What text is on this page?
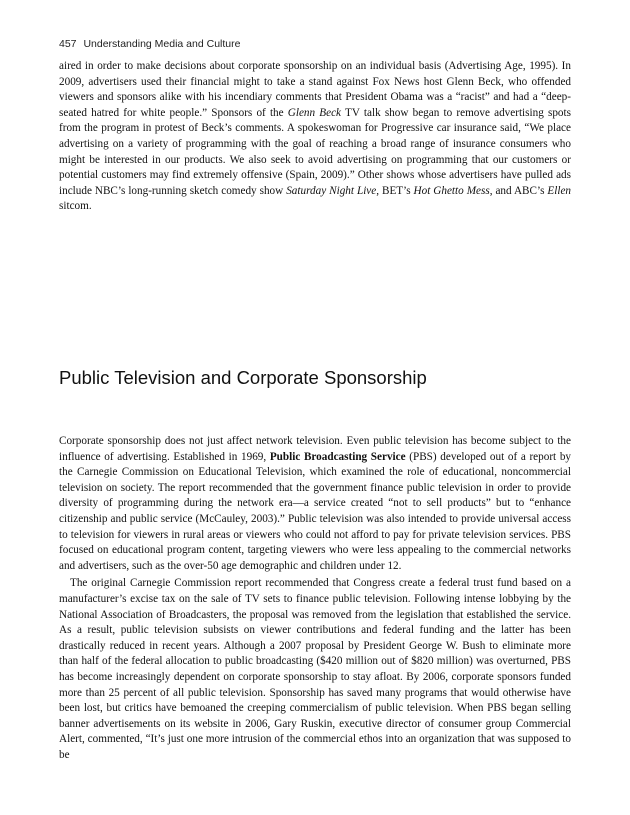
457 Understanding Media and Culture

aired in order to make decisions about corporate sponsorship on an individual basis (Advertising Age, 1995). In 2009, advertisers used their financial might to take a stand against Fox News host Glenn Beck, who offended viewers and sponsors alike with his incendiary comments that President Obama was a “racist” and had a “deep-seated hatred for white people.” Sponsors of the Glenn Beck TV talk show began to remove advertising spots from the program in protest of Beck’s comments. A spokeswoman for Progressive car insurance said, “We place advertising on a variety of programming with the goal of reaching a broad range of insurance consumers who might be interested in our products. We also seek to avoid advertising on programming that our customers or potential customers may find extremely offensive (Spain, 2009).” Other shows whose advertisers have pulled ads include NBC’s long-running sketch comedy show Saturday Night Live, BET’s Hot Ghetto Mess, and ABC’s Ellen sitcom.

Public Television and Corporate Sponsorship

Corporate sponsorship does not just affect network television. Even public television has become subject to the influence of advertising. Established in 1969, Public Broadcasting Service (PBS) developed out of a report by the Carnegie Commission on Educational Television, which examined the role of educational, noncommercial television on society. The report recommended that the government finance public television in order to provide diversity of programming during the network era—a service created “not to sell products” but to “enhance citizenship and public service (McCauley, 2003).” Public television was also intended to provide universal access to television for viewers in rural areas or viewers who could not afford to pay for private television services. PBS focused on educational program content, targeting viewers who were less appealing to the commercial networks and advertisers, such as the over-50 age demographic and children under 12.

The original Carnegie Commission report recommended that Congress create a federal trust fund based on a manufacturer’s excise tax on the sale of TV sets to finance public television. Following intense lobbying by the National Association of Broadcasters, the proposal was removed from the legislation that established the service. As a result, public television subsists on viewer contributions and federal funding and the latter has been drastically reduced in recent years. Although a 2007 proposal by President George W. Bush to eliminate more than half of the federal allocation to public broadcasting ($420 million out of $820 million) was overturned, PBS has become increasingly dependent on corporate sponsorship to stay afloat. By 2006, corporate sponsors funded more than 25 percent of all public television. Sponsorship has saved many programs that would otherwise have been lost, but critics have bemoaned the creeping commercialism of public television. When PBS began selling banner advertisements on its website in 2006, Gary Ruskin, executive director of consumer group Commercial Alert, commented, “It’s just one more intrusion of the commercial ethos into an organization that was supposed to be
